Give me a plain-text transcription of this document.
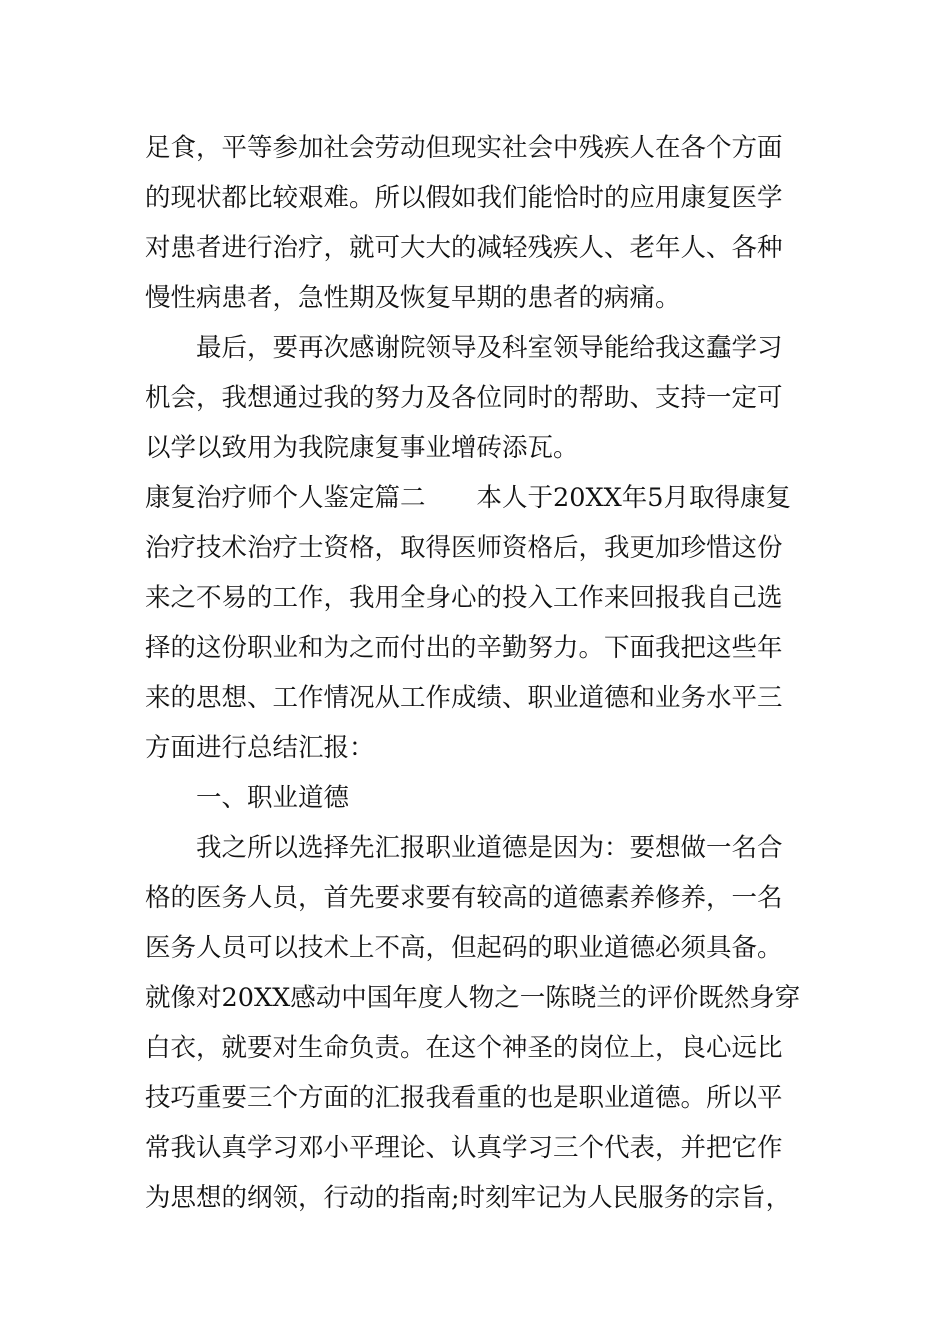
足食，平等参加社会劳动但现实社会中残疾人在各个方面
的现状都比较艰难。所以假如我们能恰时的应用康复医学
对患者进行治疗，就可大大的减轻残疾人、老年人、各种
慢性病患者，急性期及恢复早期的患者的病痛。
最后，要再次感谢院领导及科室领导能给我这蠢学习
机会，我想通过我的努力及各位同时的帮助、支持一定可
以学以致用为我院康复事业增砖添瓦。
康复治疗师个人鉴定篇二　　本人于20XX年5月取得康复
治疗技术治疗士资格，取得医师资格后，我更加珍惜这份
来之不易的工作，我用全身心的投入工作来回报我自己选
择的这份职业和为之而付出的辛勤努力。下面我把这些年
来的思想、工作情况从工作成绩、职业道德和业务水平三
方面进行总结汇报：
一、职业道德
我之所以选择先汇报职业道德是因为：要想做一名合
格的医务人员，首先要求要有较高的道德素养修养，一名
医务人员可以技术上不高，但起码的职业道德必须具备。
就像对20XX感动中国年度人物之一陈晓兰的评价既然身穿
白衣，就要对生命负责。在这个神圣的岗位上，良心远比
技巧重要三个方面的汇报我看重的也是职业道德。所以平
常我认真学习邓小平理论、认真学习三个代表，并把它作
为思想的纲领，行动的指南;时刻牢记为人民服务的宗旨，
